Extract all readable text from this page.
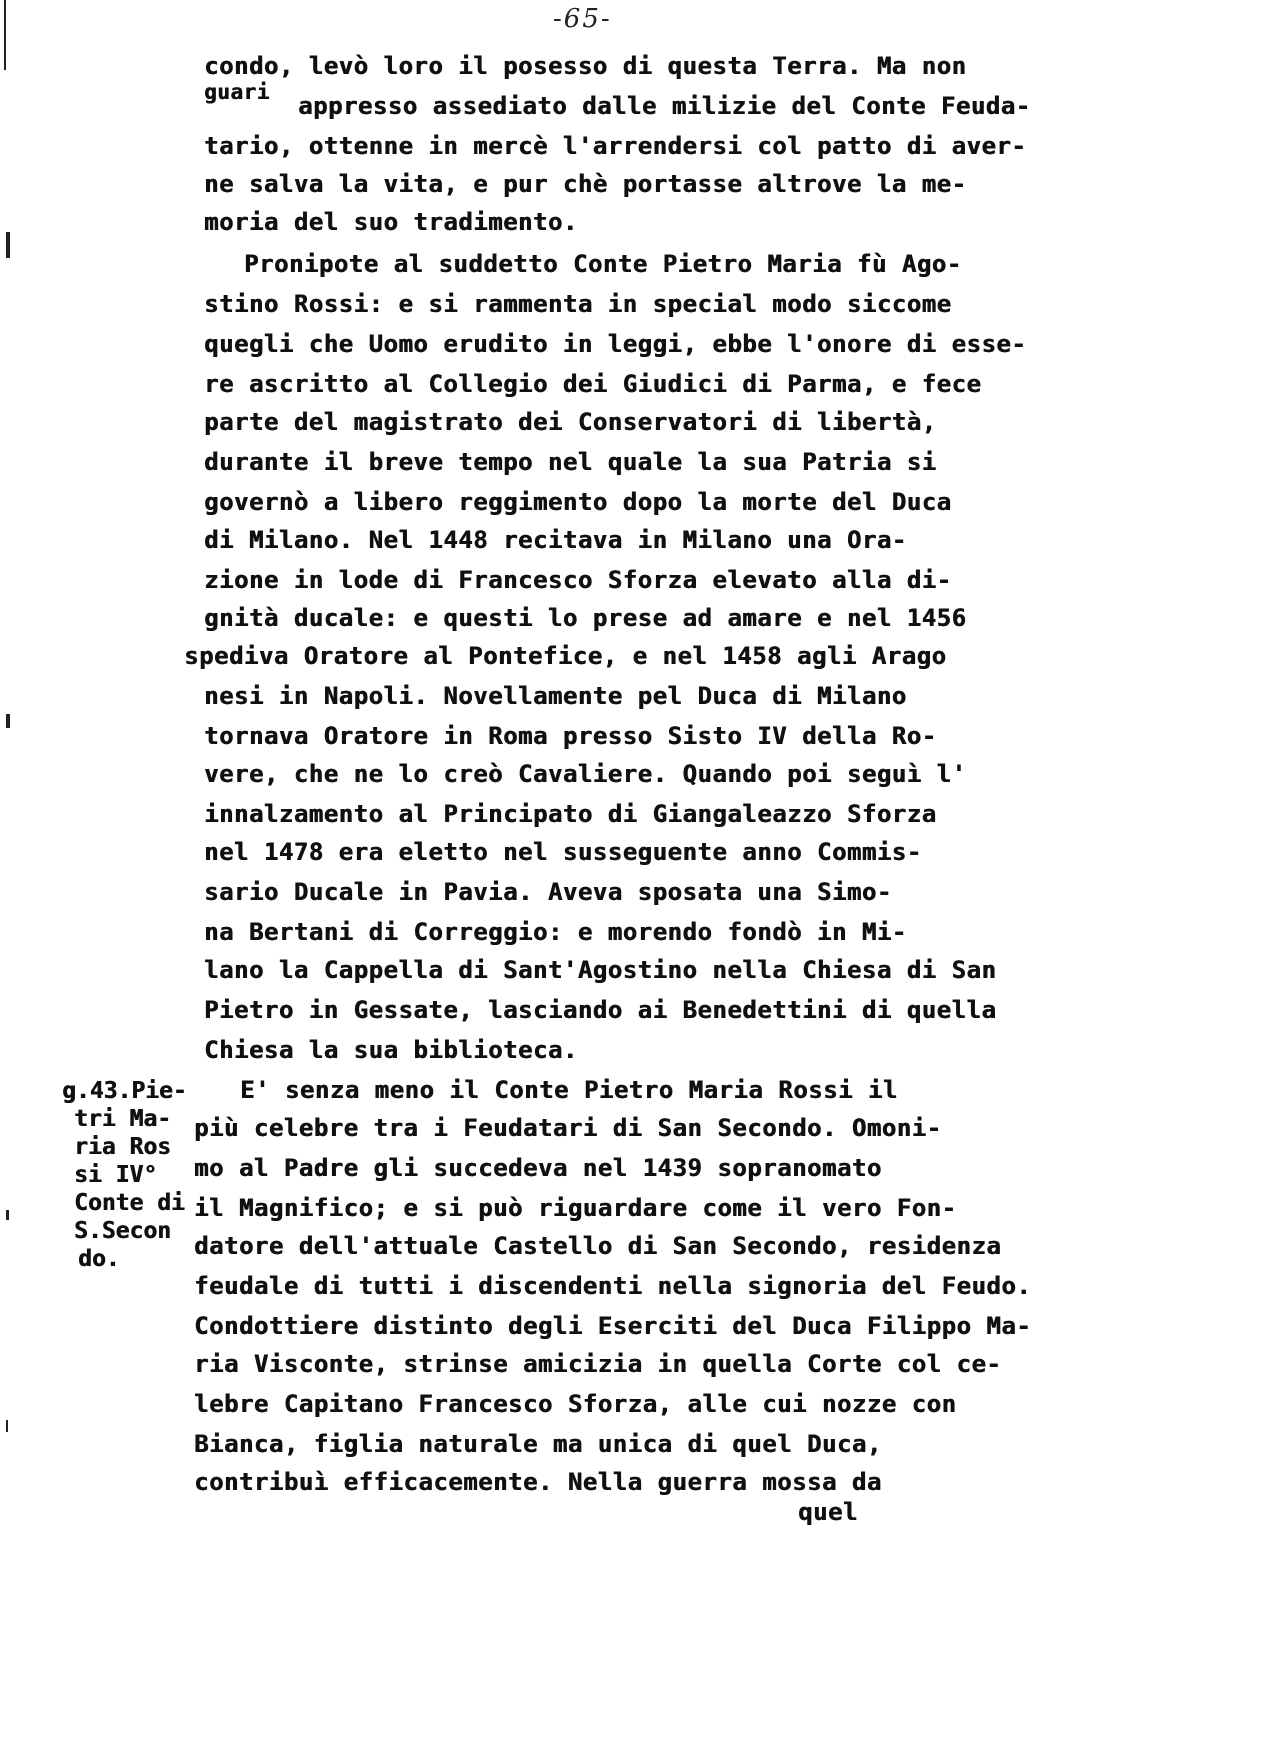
-65-
condo, levò loro il posesso di questa Terra. Ma non
guari appresso assediato dalle milizie del Conte Feuda-
tario, ottenne in mercè l'arrendersi col patto di aver-
ne salva la vita, e pur chè portasse altrove la me-
moria del suo tradimento.
Pronipote al suddetto Conte Pietro Maria fù Ago-
stino Rossi: e si rammenta in special modo siccome
quegli che Uomo erudito in leggi, ebbe l'onore di esse-
re ascritto al Collegio dei Giudici di Parma, e fece
parte del magistrato dei Conservatori di libertà,
durante il breve tempo nel quale la sua Patria si
governò a libero reggimento dopo la morte del Duca
di Milano. Nel 1448 recitava in Milano una Ora-
zione in lode di Francesco Sforza elevato alla di-
gnità ducale: e questi lo prese ad amare e nel 1456
spediva Oratore al Pontefice, e nel 1458 agli Arago
nesi in Napoli. Novellamente pel Duca di Milano
tornava Oratore in Roma presso Sisto IV della Ro-
vere, che ne lo creò Cavaliere. Quando poi seguì l'
innalzamento al Principato di Giangaleazzo Sforza
nel 1478 era eletto nel susseguente anno Commis-
sario Ducale in Pavia. Aveva sposata una Simo-
na Bertani di Correggio: e morendo fondò in Mi-
lano la Cappella di Sant'Agostino nella Chiesa di San
Pietro in Gessate, lasciando ai Benedettini di quella
Chiesa la sua biblioteca.
E' senza meno il Conte Pietro Maria Rossi il
più celebre tra i Feudatari di San Secondo. Omoni-
mo al Padre gli succedeva nel 1439 sopranomato
il Magnifico; e si può riguardare come il vero Fon-
datore dell'attuale Castello di San Secondo, residenza
feudale di tutti i discendenti nella signoria del Feudo.
Condottiere distinto degli Eserciti del Duca Filippo Ma-
ria Visconte, strinse amicizia in quella Corte col ce-
lebre Capitano Francesco Sforza, alle cui nozze con
Bianca, figlia naturale ma unica di quel Duca,
contribuì efficacemente. Nella guerra mossa da
quel
g.43.Pie-
tri Ma-
ria Ros
si IV°
Conte di
S.Secon
do.
